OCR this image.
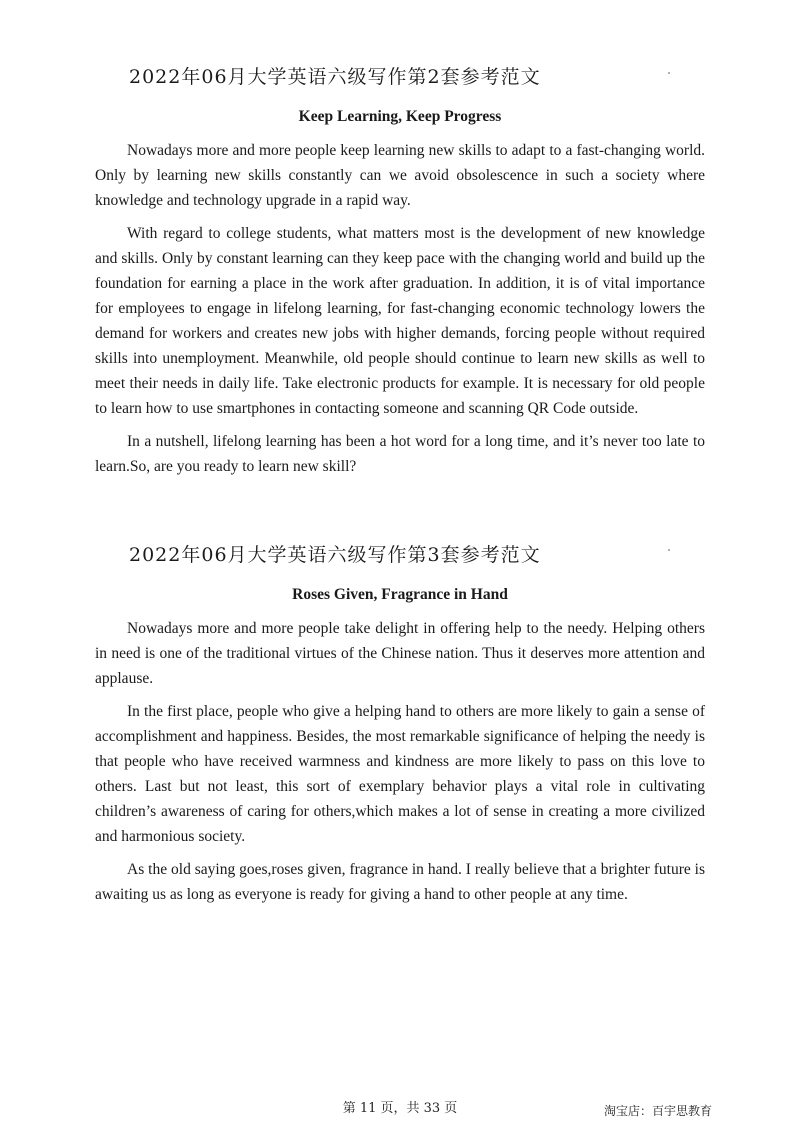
2022年06月大学英语六级写作第2套参考范文
Keep Learning, Keep Progress

Nowadays more and more people keep learning new skills to adapt to a fast-changing world. Only by learning new skills constantly can we avoid obsolescence in such a society where knowledge and technology upgrade in a rapid way.

With regard to college students, what matters most is the development of new knowledge and skills. Only by constant learning can they keep pace with the changing world and build up the foundation for earning a place in the work after graduation. In addition, it is of vital importance for employees to engage in lifelong learning, for fast-changing economic technology lowers the demand for workers and creates new jobs with higher demands, forcing people without required skills into unemployment. Meanwhile, old people should continue to learn new skills as well to meet their needs in daily life. Take electronic products for example. It is necessary for old people to learn how to use smartphones in contacting someone and scanning QR Code outside.

In a nutshell, lifelong learning has been a hot word for a long time, and it’s never too late to learn.So, are you ready to learn new skill?

2022年06月大学英语六级写作第3套参考范文
Roses Given, Fragrance in Hand

Nowadays more and more people take delight in offering help to the needy. Helping others in need is one of the traditional virtues of the Chinese nation. Thus it deserves more attention and applause.

In the first place, people who give a helping hand to others are more likely to gain a sense of accomplishment and happiness. Besides, the most remarkable significance of helping the needy is that people who have received warmness and kindness are more likely to pass on this love to others. Last but not least, this sort of exemplary behavior plays a vital role in cultivating children’s awareness of caring for others,which makes a lot of sense in creating a more civilized and harmonious society.

As the old saying goes,roses given, fragrance in hand. I really believe that a brighter future is awaiting us as long as everyone is ready for giving a hand to other people at any time.

第 11 页，共 33 页	淘宝店：百宇思教育
